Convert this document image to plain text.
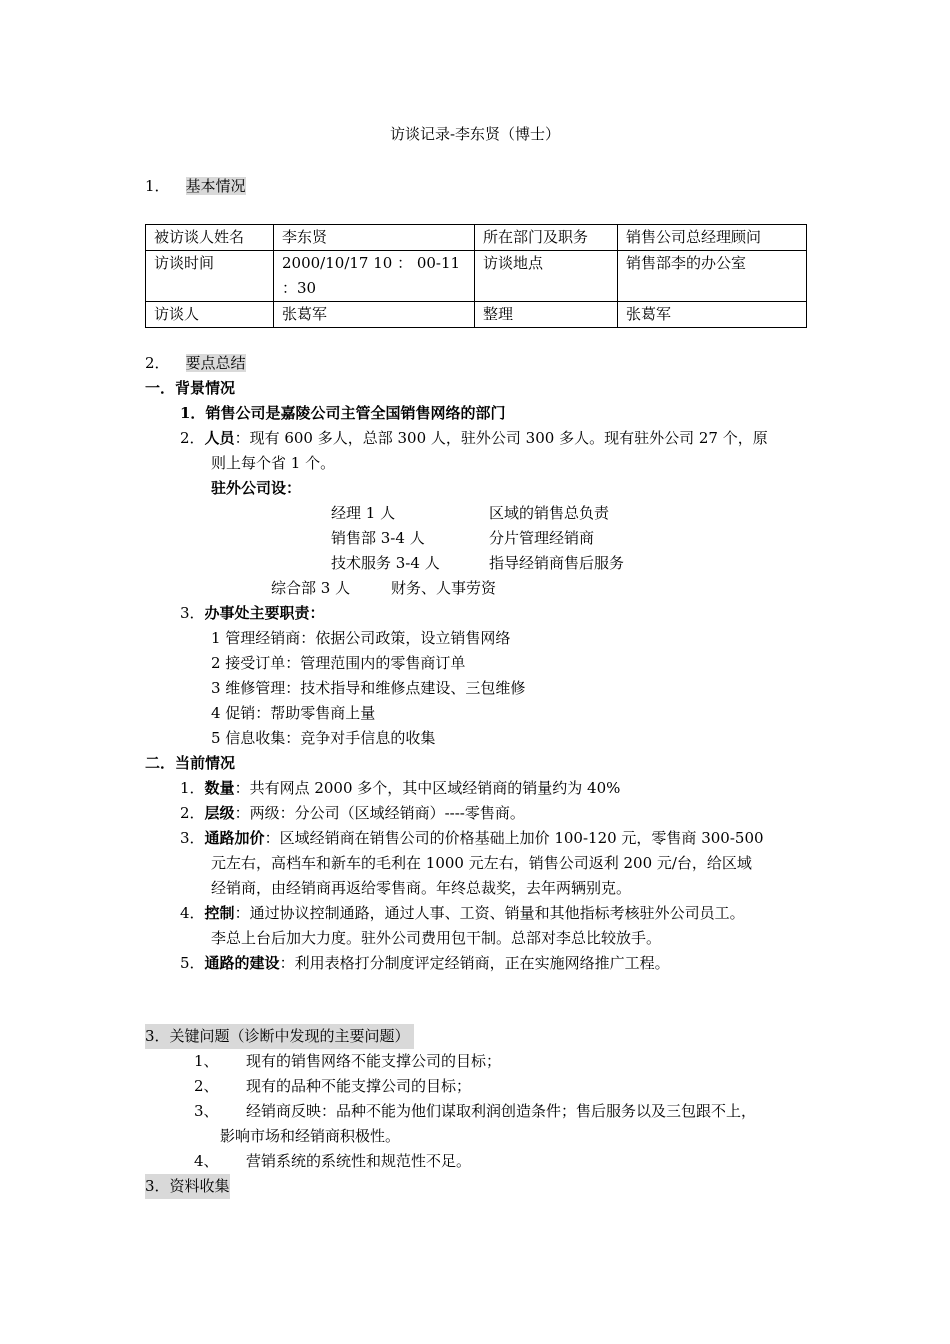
访谈记录-李东贤（博士）
1． 基本情况
被访谈人姓名	李东贤	所在部门及职务	销售公司总经理顾问
访谈时间	2000/10/17 10 ： 00-11 ：30	访谈地点	销售部李的办公室
访谈人	张葛军	整理	张葛军
2． 要点总结
一．背景情况
1．销售公司是嘉陵公司主管全国销售网络的部门
2．人员：现有 600 多人，总部 300 人，驻外公司 300 多人。现有驻外公司 27 个，原
则上每个省 1 个。
驻外公司设：
经理 1 人	区域的销售总负责
销售部 3-4 人	分片管理经销商
技术服务 3-4 人	指导经销商售后服务
综合部 3 人	财务、人事劳资
3．办事处主要职责：
1 管理经销商：依据公司政策，设立销售网络
2 接受订单：管理范围内的零售商订单
3 维修管理：技术指导和维修点建设、三包维修
4 促销：帮助零售商上量
5 信息收集：竞争对手信息的收集
二．当前情况
1．数量：共有网点 2000 多个，其中区域经销商的销量约为 40%
2．层级：两级：分公司（区域经销商）----零售商。
3．通路加价：区域经销商在销售公司的价格基础上加价 100-120 元，零售商 300-500
元左右，高档车和新车的毛利在 1000 元左右，销售公司返利 200 元/台，给区域
经销商，由经销商再返给零售商。年终总裁奖，去年两辆别克。
4．控制：通过协议控制通路，通过人事、工资、销量和其他指标考核驻外公司员工。
李总上台后加大力度。驻外公司费用包干制。总部对李总比较放手。
5．通路的建设：利用表格打分制度评定经销商，正在实施网络推广工程。
3．关键问题（诊断中发现的主要问题）
1、 现有的销售网络不能支撑公司的目标；
2、 现有的品种不能支撑公司的目标；
3、 经销商反映：品种不能为他们谋取利润创造条件；售后服务以及三包跟不上，
影响市场和经销商积极性。
4、 营销系统的系统性和规范性不足。
3．资料收集
